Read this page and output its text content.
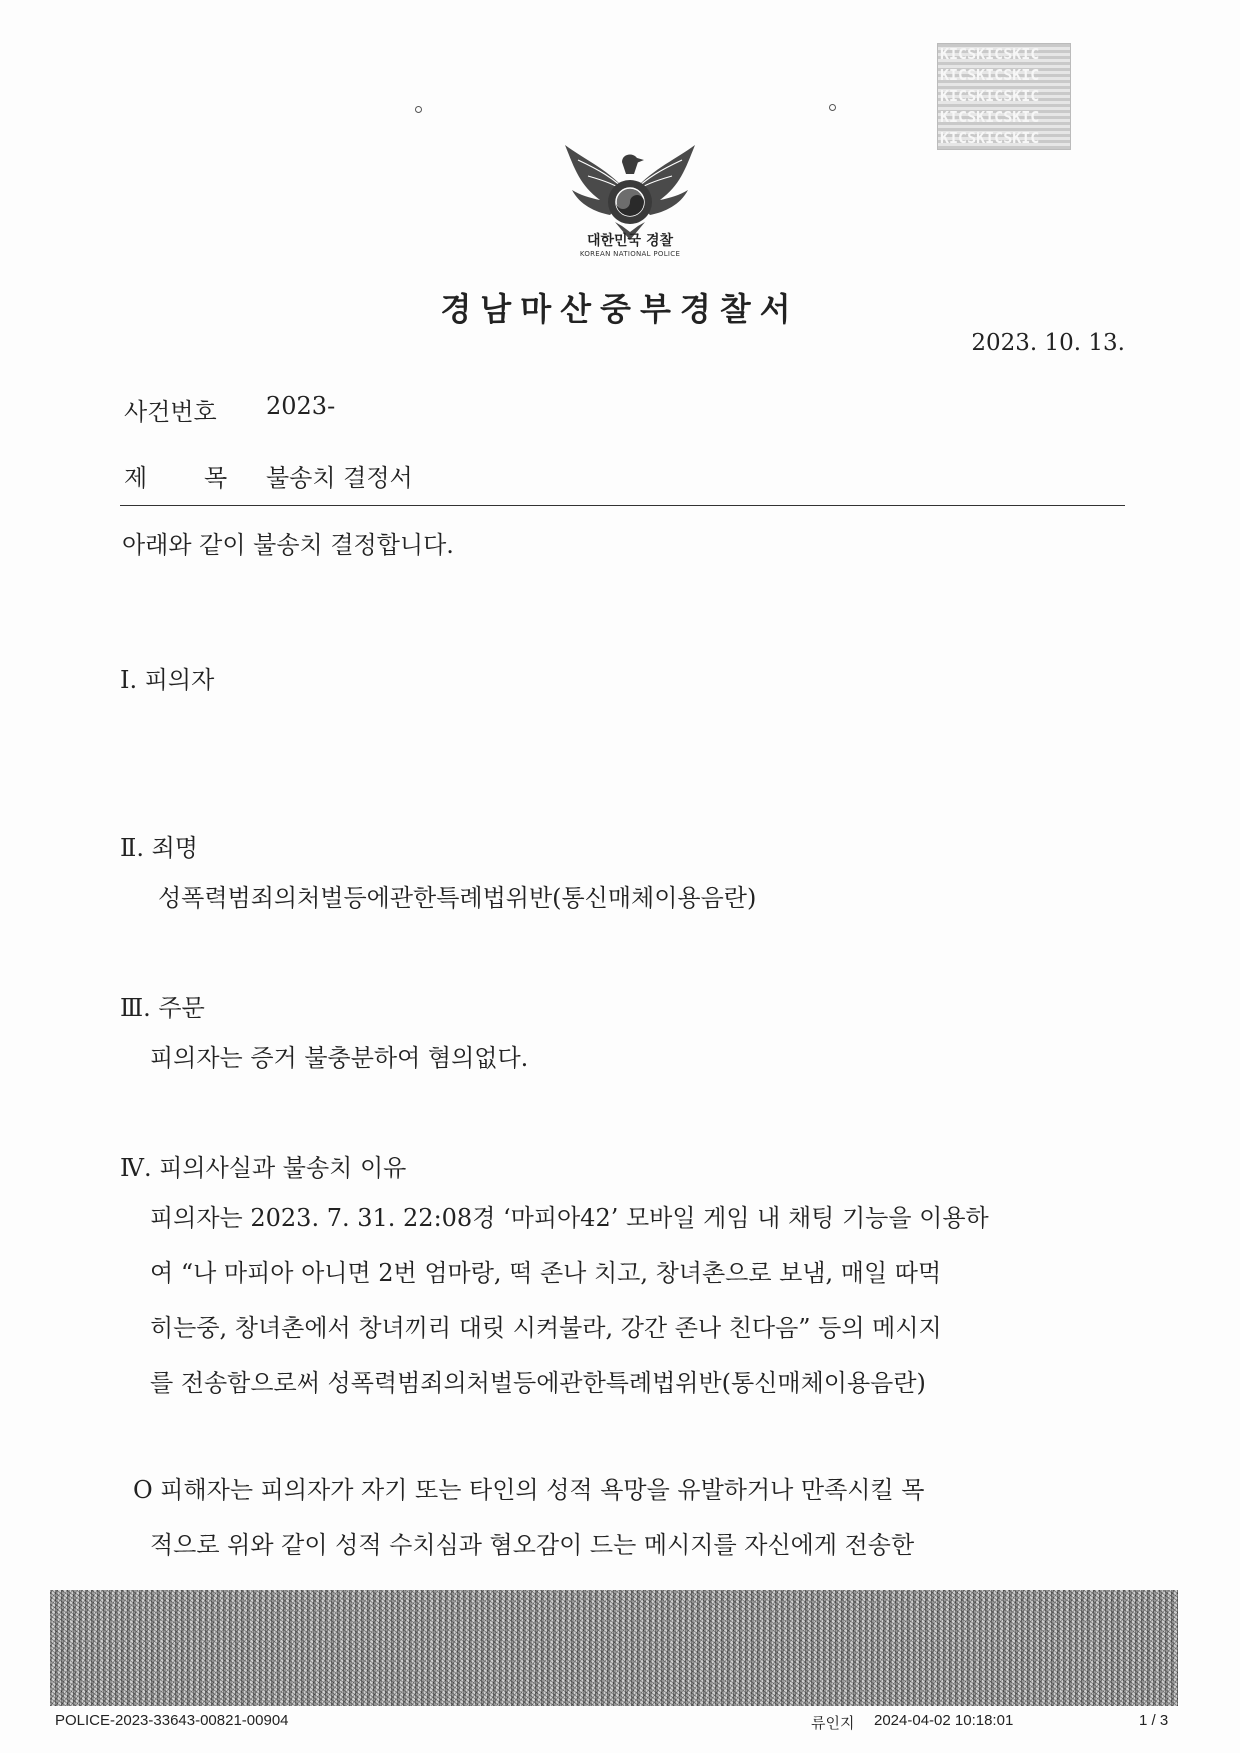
KICSKICSKIC
KICSKICSKIC
KICSKICSKIC
KICSKICSKIC
KICSKICSKIC
대한민국 경찰
KOREAN NATIONAL POLICE
경남마산중부경찰서
2023. 10. 13.
사건번호 2023-
제 목 불송치 결정서
아래와 같이 불송치 결정합니다.
Ⅰ. 피의자
Ⅱ. 죄명
성폭력범죄의처벌등에관한특례법위반(통신매체이용음란)
Ⅲ. 주문
피의자는 증거 불충분하여 혐의없다.
Ⅳ. 피의사실과 불송치 이유
피의자는 2023. 7. 31. 22:08경 ‘마피아42’ 모바일 게임 내 채팅 기능을 이용하
여 “나 마피아 아니면 2번 엄마랑, 떡 존나 치고, 창녀촌으로 보냄, 매일 따먹
히는중, 창녀촌에서 창녀끼리 대릿 시켜불라, 강간 존나 친다음” 등의 메시지
를 전송함으로써 성폭력범죄의처벌등에관한특례법위반(통신매체이용음란)
O 피해자는 피의자가 자기 또는 타인의 성적 욕망을 유발하거나 만족시킬 목
적으로 위와 같이 성적 수치심과 혐오감이 드는 메시지를 자신에게 전송한
POLICE-2023-33643-00821-00904	류인지 2024-04-02 10:18:01	1 / 3
